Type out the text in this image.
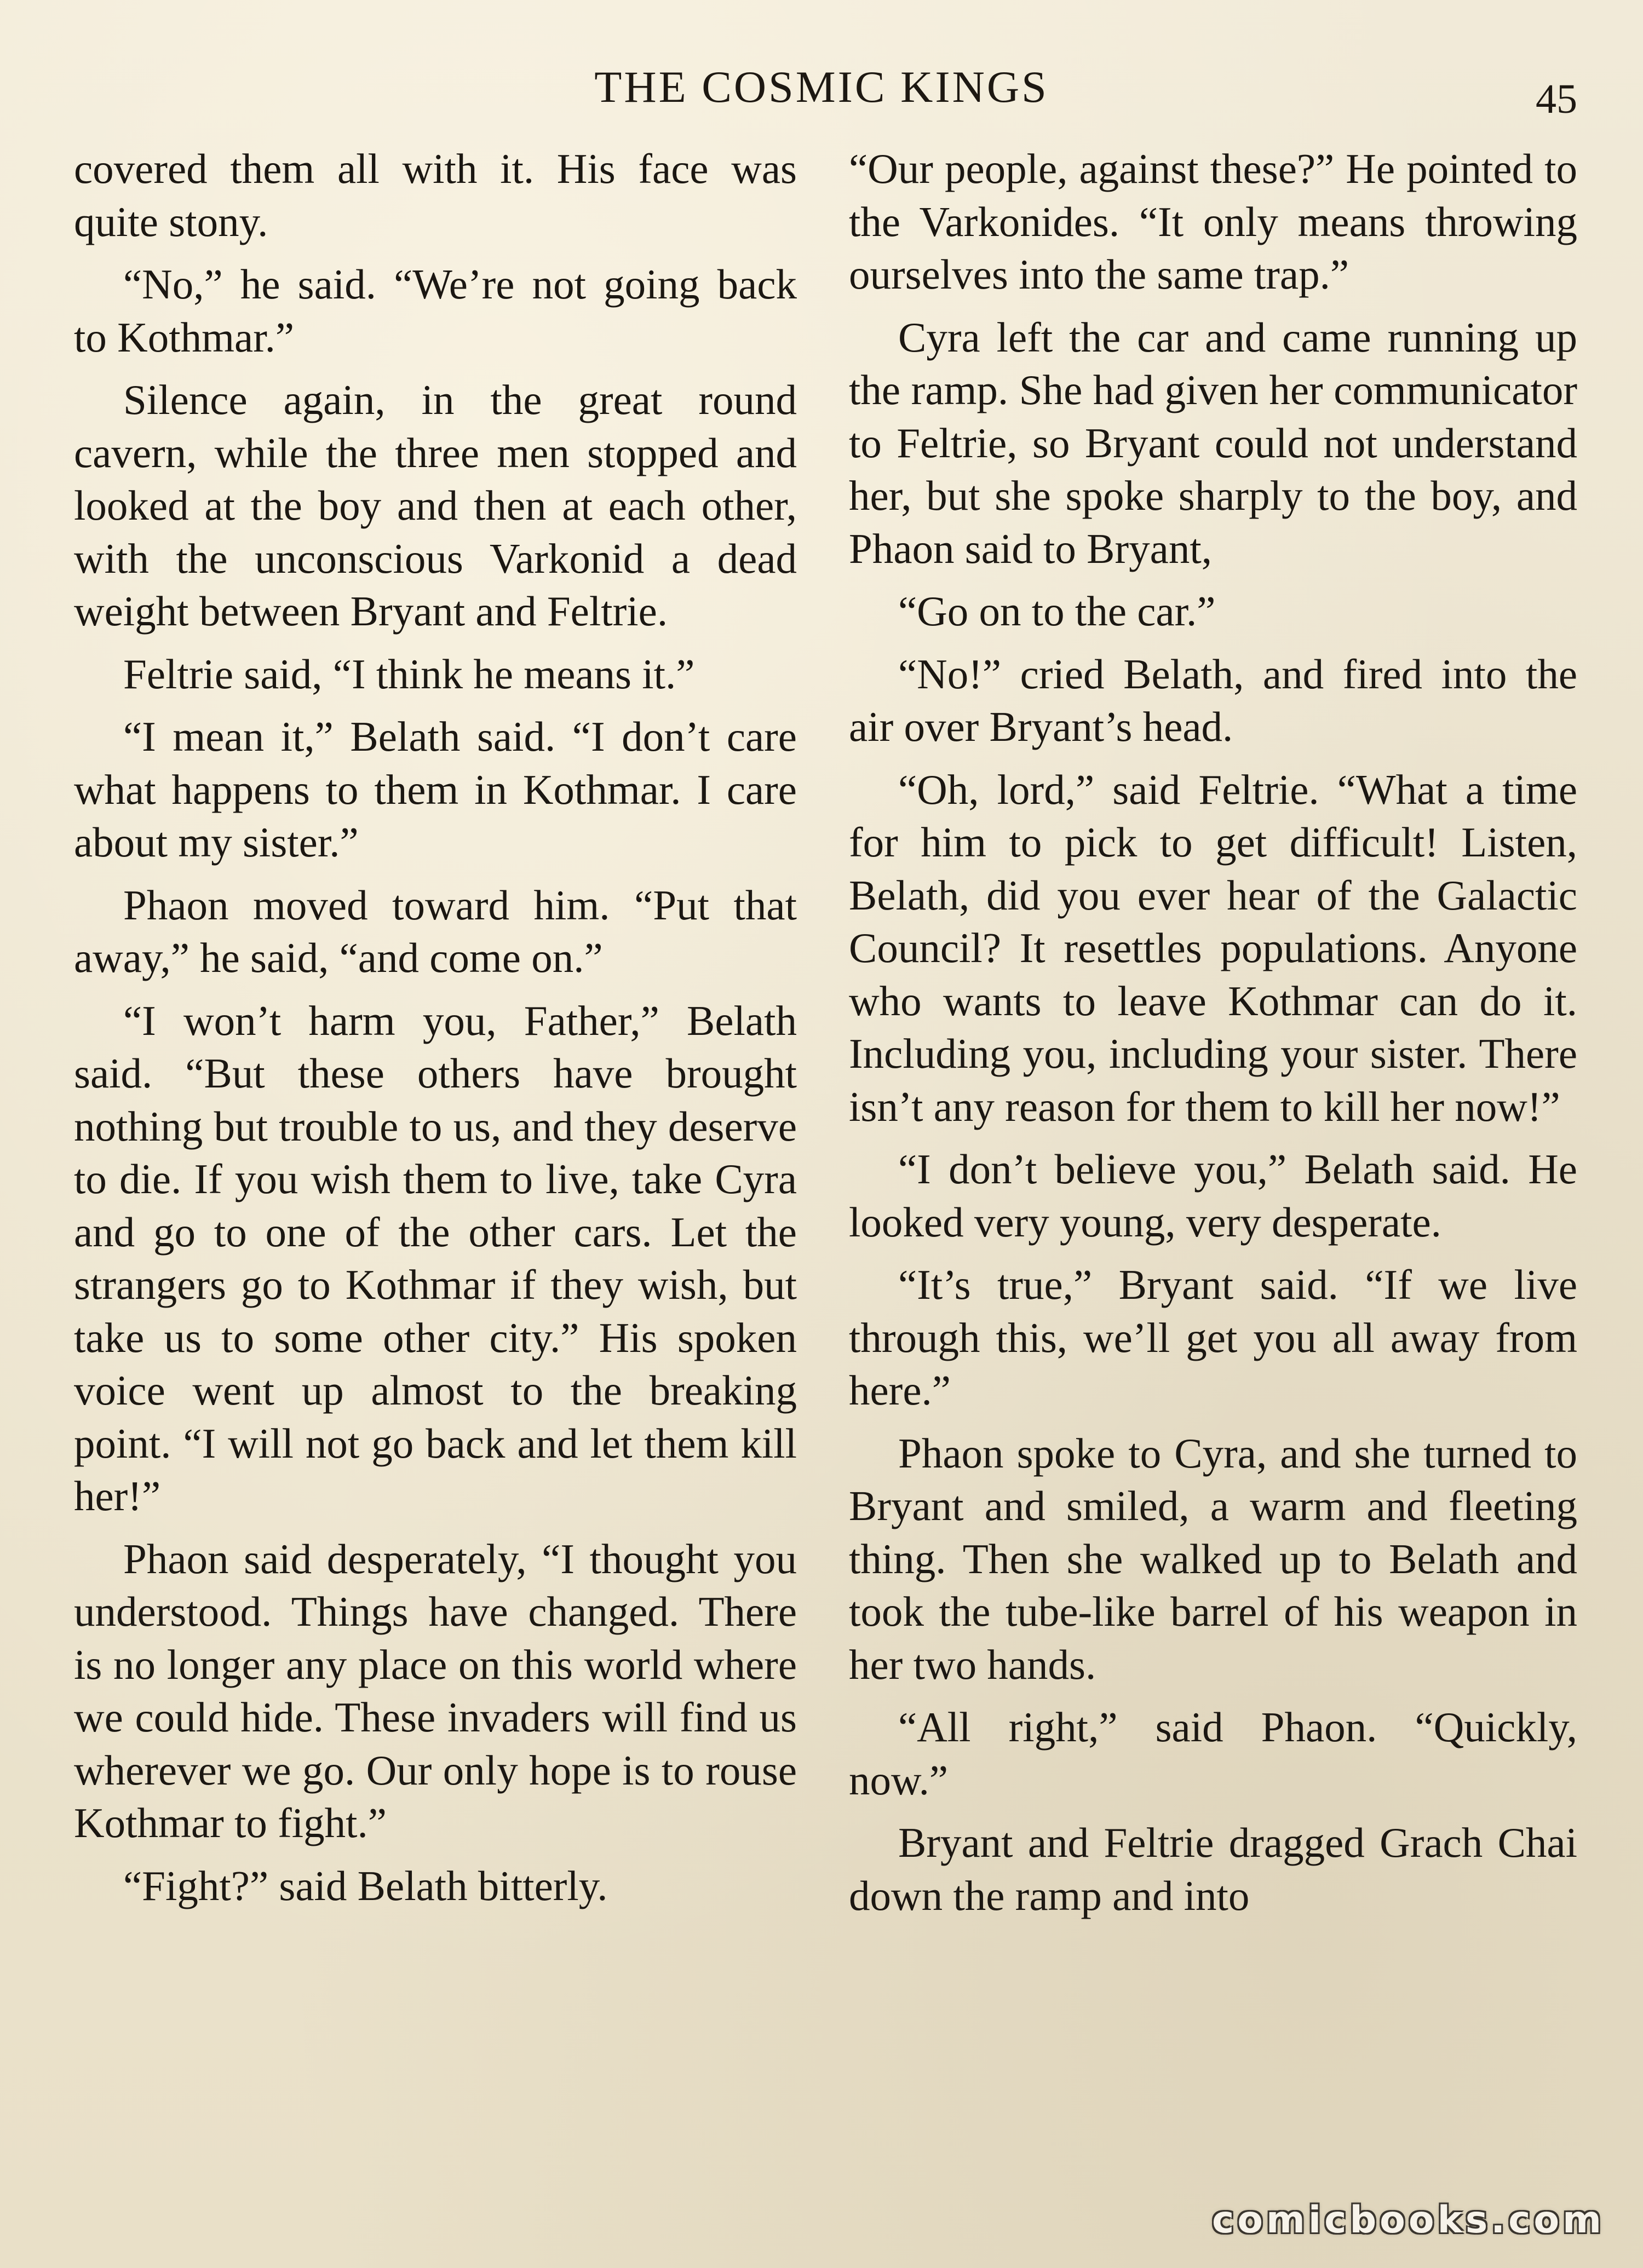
THE COSMIC KINGS	45

covered them all with it. His face was quite stony.

“No,” he said. “We’re not going back to Kothmar.”

Silence again, in the great round cavern, while the three men stopped and looked at the boy and then at each other, with the unconscious Varkonid a dead weight between Bryant and Feltrie.

Feltrie said, “I think he means it.”

“I mean it,” Belath said. “I don’t care what happens to them in Kothmar. I care about my sister.”

Phaon moved toward him. “Put that away,” he said, “and come on.”

“I won’t harm you, Father,” Belath said. “But these others have brought nothing but trouble to us, and they deserve to die. If you wish them to live, take Cyra and go to one of the other cars. Let the strangers go to Kothmar if they wish, but take us to some other city.” His spoken voice went up almost to the breaking point. “I will not go back and let them kill her!”

Phaon said desperately, “I thought you understood. Things have changed. There is no longer any place on this world where we could hide. These invaders will find us wherever we go. Our only hope is to rouse Kothmar to fight.”

“Fight?” said Belath bitterly.

“Our people, against these?” He pointed to the Varkonides. “It only means throwing ourselves into the same trap.”

Cyra left the car and came running up the ramp. She had given her communicator to Feltrie, so Bryant could not understand her, but she spoke sharply to the boy, and Phaon said to Bryant,

“Go on to the car.”

“No!” cried Belath, and fired into the air over Bryant’s head.

“Oh, lord,” said Feltrie. “What a time for him to pick to get difficult! Listen, Belath, did you ever hear of the Galactic Council? It resettles populations. Anyone who wants to leave Kothmar can do it. Including you, including your sister. There isn’t any reason for them to kill her now!”

“I don’t believe you,” Belath said. He looked very young, very desperate.

“It’s true,” Bryant said. “If we live through this, we’ll get you all away from here.”

Phaon spoke to Cyra, and she turned to Bryant and smiled, a warm and fleeting thing. Then she walked up to Belath and took the tube-like barrel of his weapon in her two hands.

“All right,” said Phaon. “Quickly, now.”

Bryant and Feltrie dragged Grach Chai down the ramp and into

comicbooks.com
